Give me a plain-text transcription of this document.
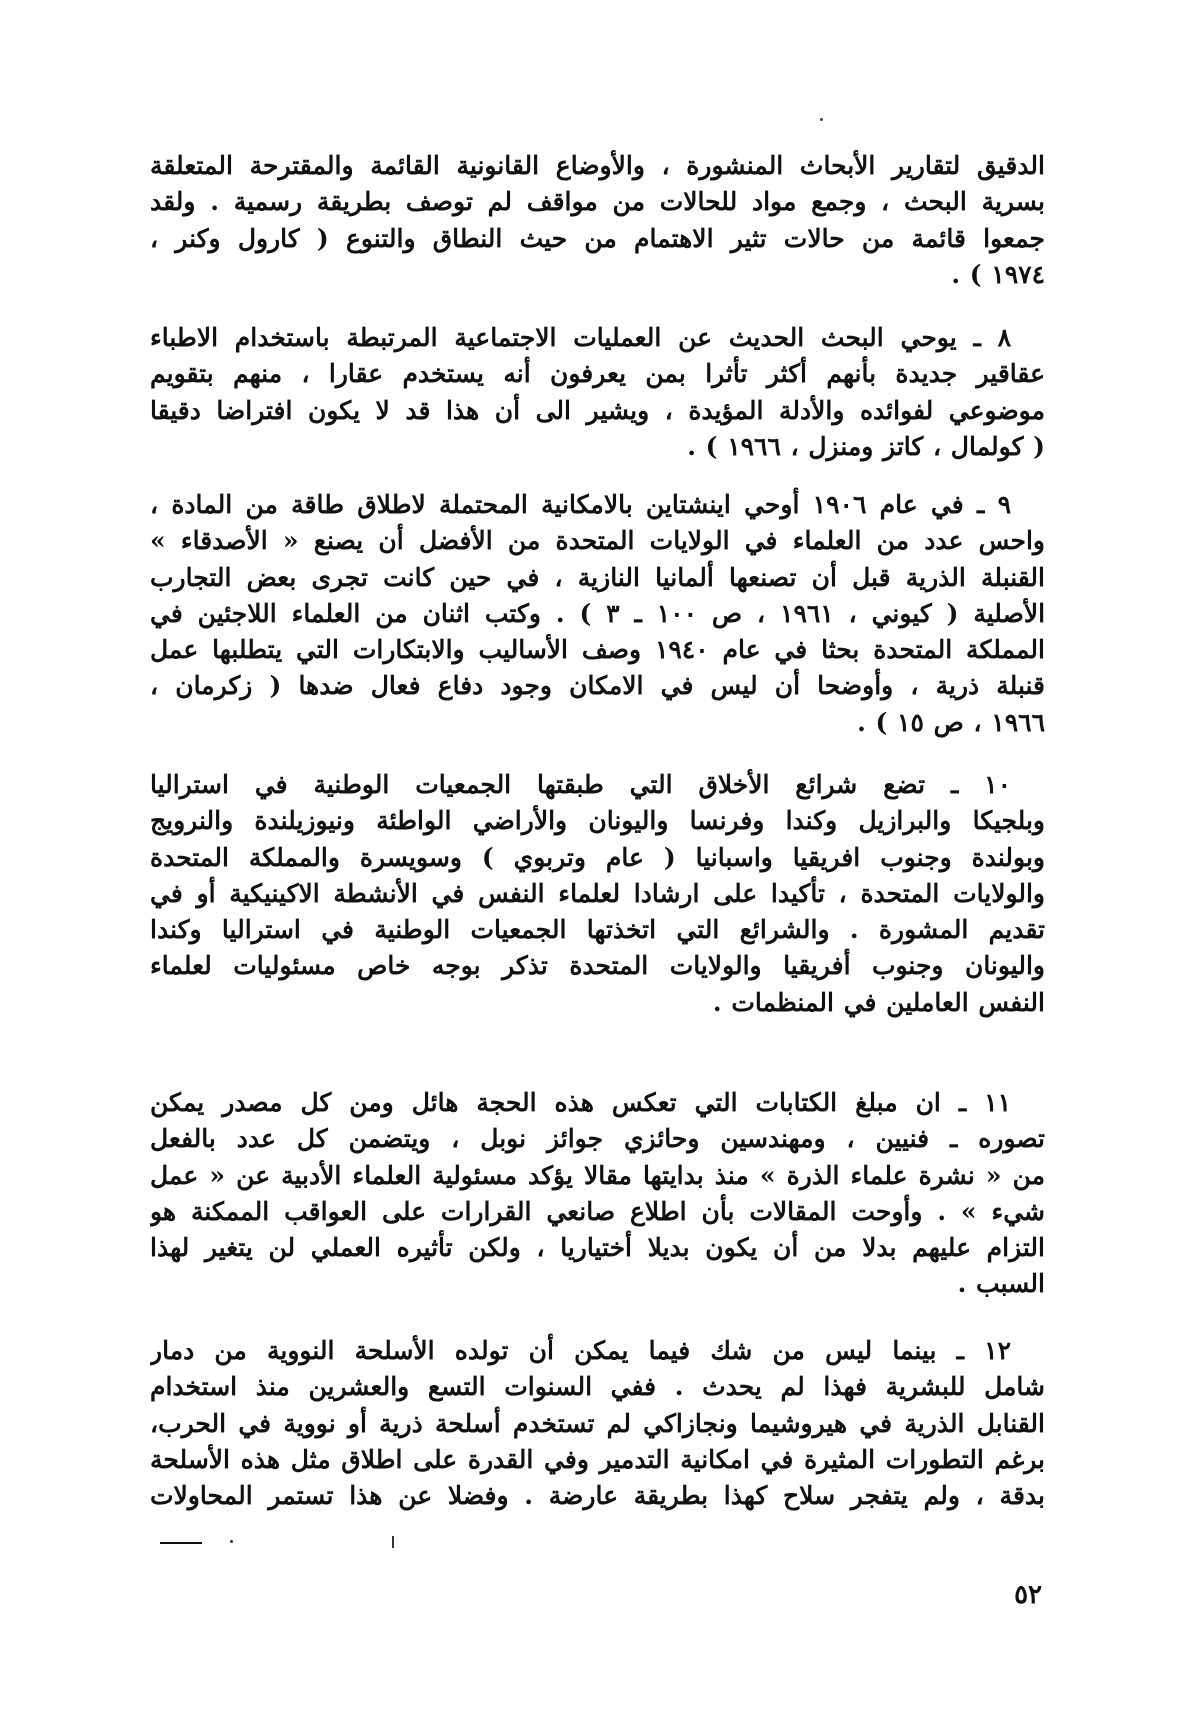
الدقيق لتقارير الأبحاث المنشورة ، والأوضاع القانونية القائمة والمقترحة المتعلقة
بسرية البحث ، وجمع مواد للحالات من مواقف لم توصف بطريقة رسمية . ولقد
جمعوا قائمة من حالات تثير الاهتمام من حيث النطاق والتنوع ( كارول وكنر ،
١٩٧٤ ) .
٨ ـ يوحي البحث الحديث عن العمليات الاجتماعية المرتبطة باستخدام الاطباء
عقاقير جديدة بأنهم أكثر تأثرا بمن يعرفون أنه يستخدم عقارا ، منهم بتقويم
موضوعي لفوائده والأدلة المؤيدة ، ويشير الى أن هذا قد لا يكون افتراضا دقيقا
( كولمال ، كاتز ومنزل ، ١٩٦٦ ) .
٩ ـ في عام ١٩٠٦ أوحي اينشتاين بالامكانية المحتملة لاطلاق طاقة من المادة ،
واحس عدد من العلماء في الولايات المتحدة من الأفضل أن يصنع « الأصدقاء »
القنبلة الذرية قبل أن تصنعها ألمانيا النازية ، في حين كانت تجرى بعض التجارب
الأصلية ( كيوني ، ١٩٦١ ، ص ١٠٠ ـ ٣ ) . وكتب اثنان من العلماء اللاجئين في
المملكة المتحدة بحثا في عام ١٩٤٠ وصف الأساليب والابتكارات التي يتطلبها عمل
قنبلة ذرية ، وأوضحا أن ليس في الامكان وجود دفاع فعال ضدها ( زكرمان ،
١٩٦٦ ، ص ١٥ ) .
١٠ ـ تضع شرائع الأخلاق التي طبقتها الجمعيات الوطنية في استراليا
وبلجيكا والبرازيل وكندا وفرنسا واليونان والأراضي الواطئة ونيوزيلندة والنرويج
وبولندة وجنوب افريقيا واسبانيا ( عام وتربوي ) وسويسرة والمملكة المتحدة
والولايات المتحدة ، تأكيدا على ارشادا لعلماء النفس في الأنشطة الاكينيكية أو في
تقديم المشورة . والشرائع التي اتخذتها الجمعيات الوطنية في استراليا وكندا
واليونان وجنوب أفريقيا والولايات المتحدة تذكر بوجه خاص مسئوليات لعلماء
النفس العاملين في المنظمات .
١١ ـ ان مبلغ الكتابات التي تعكس هذه الحجة هائل ومن كل مصدر يمكن
تصوره ـ فنيين ، ومهندسين وحائزي جوائز نوبل ، ويتضمن كل عدد بالفعل
من « نشرة علماء الذرة » منذ بدايتها مقالا يؤكد مسئولية العلماء الأدبية عن « عمل
شيء » . وأوحت المقالات بأن اطلاع صانعي القرارات على العواقب الممكنة هو
التزام عليهم بدلا من أن يكون بديلا أختياريا ، ولكن تأثيره العملي لن يتغير لهذا
السبب .
١٢ ـ بينما ليس من شك فيما يمكن أن تولده الأسلحة النووية من دمار
شامل للبشرية فهذا لم يحدث . ففي السنوات التسع والعشرين منذ استخدام
القنابل الذرية في هيروشيما ونجازاكي لم تستخدم أسلحة ذرية أو نووية في الحرب،
برغم التطورات المثيرة في امكانية التدمير وفي القدرة على اطلاق مثل هذه الأسلحة
بدقة ، ولم يتفجر سلاح كهذا بطريقة عارضة . وفضلا عن هذا تستمر المحاولات
٥٢
